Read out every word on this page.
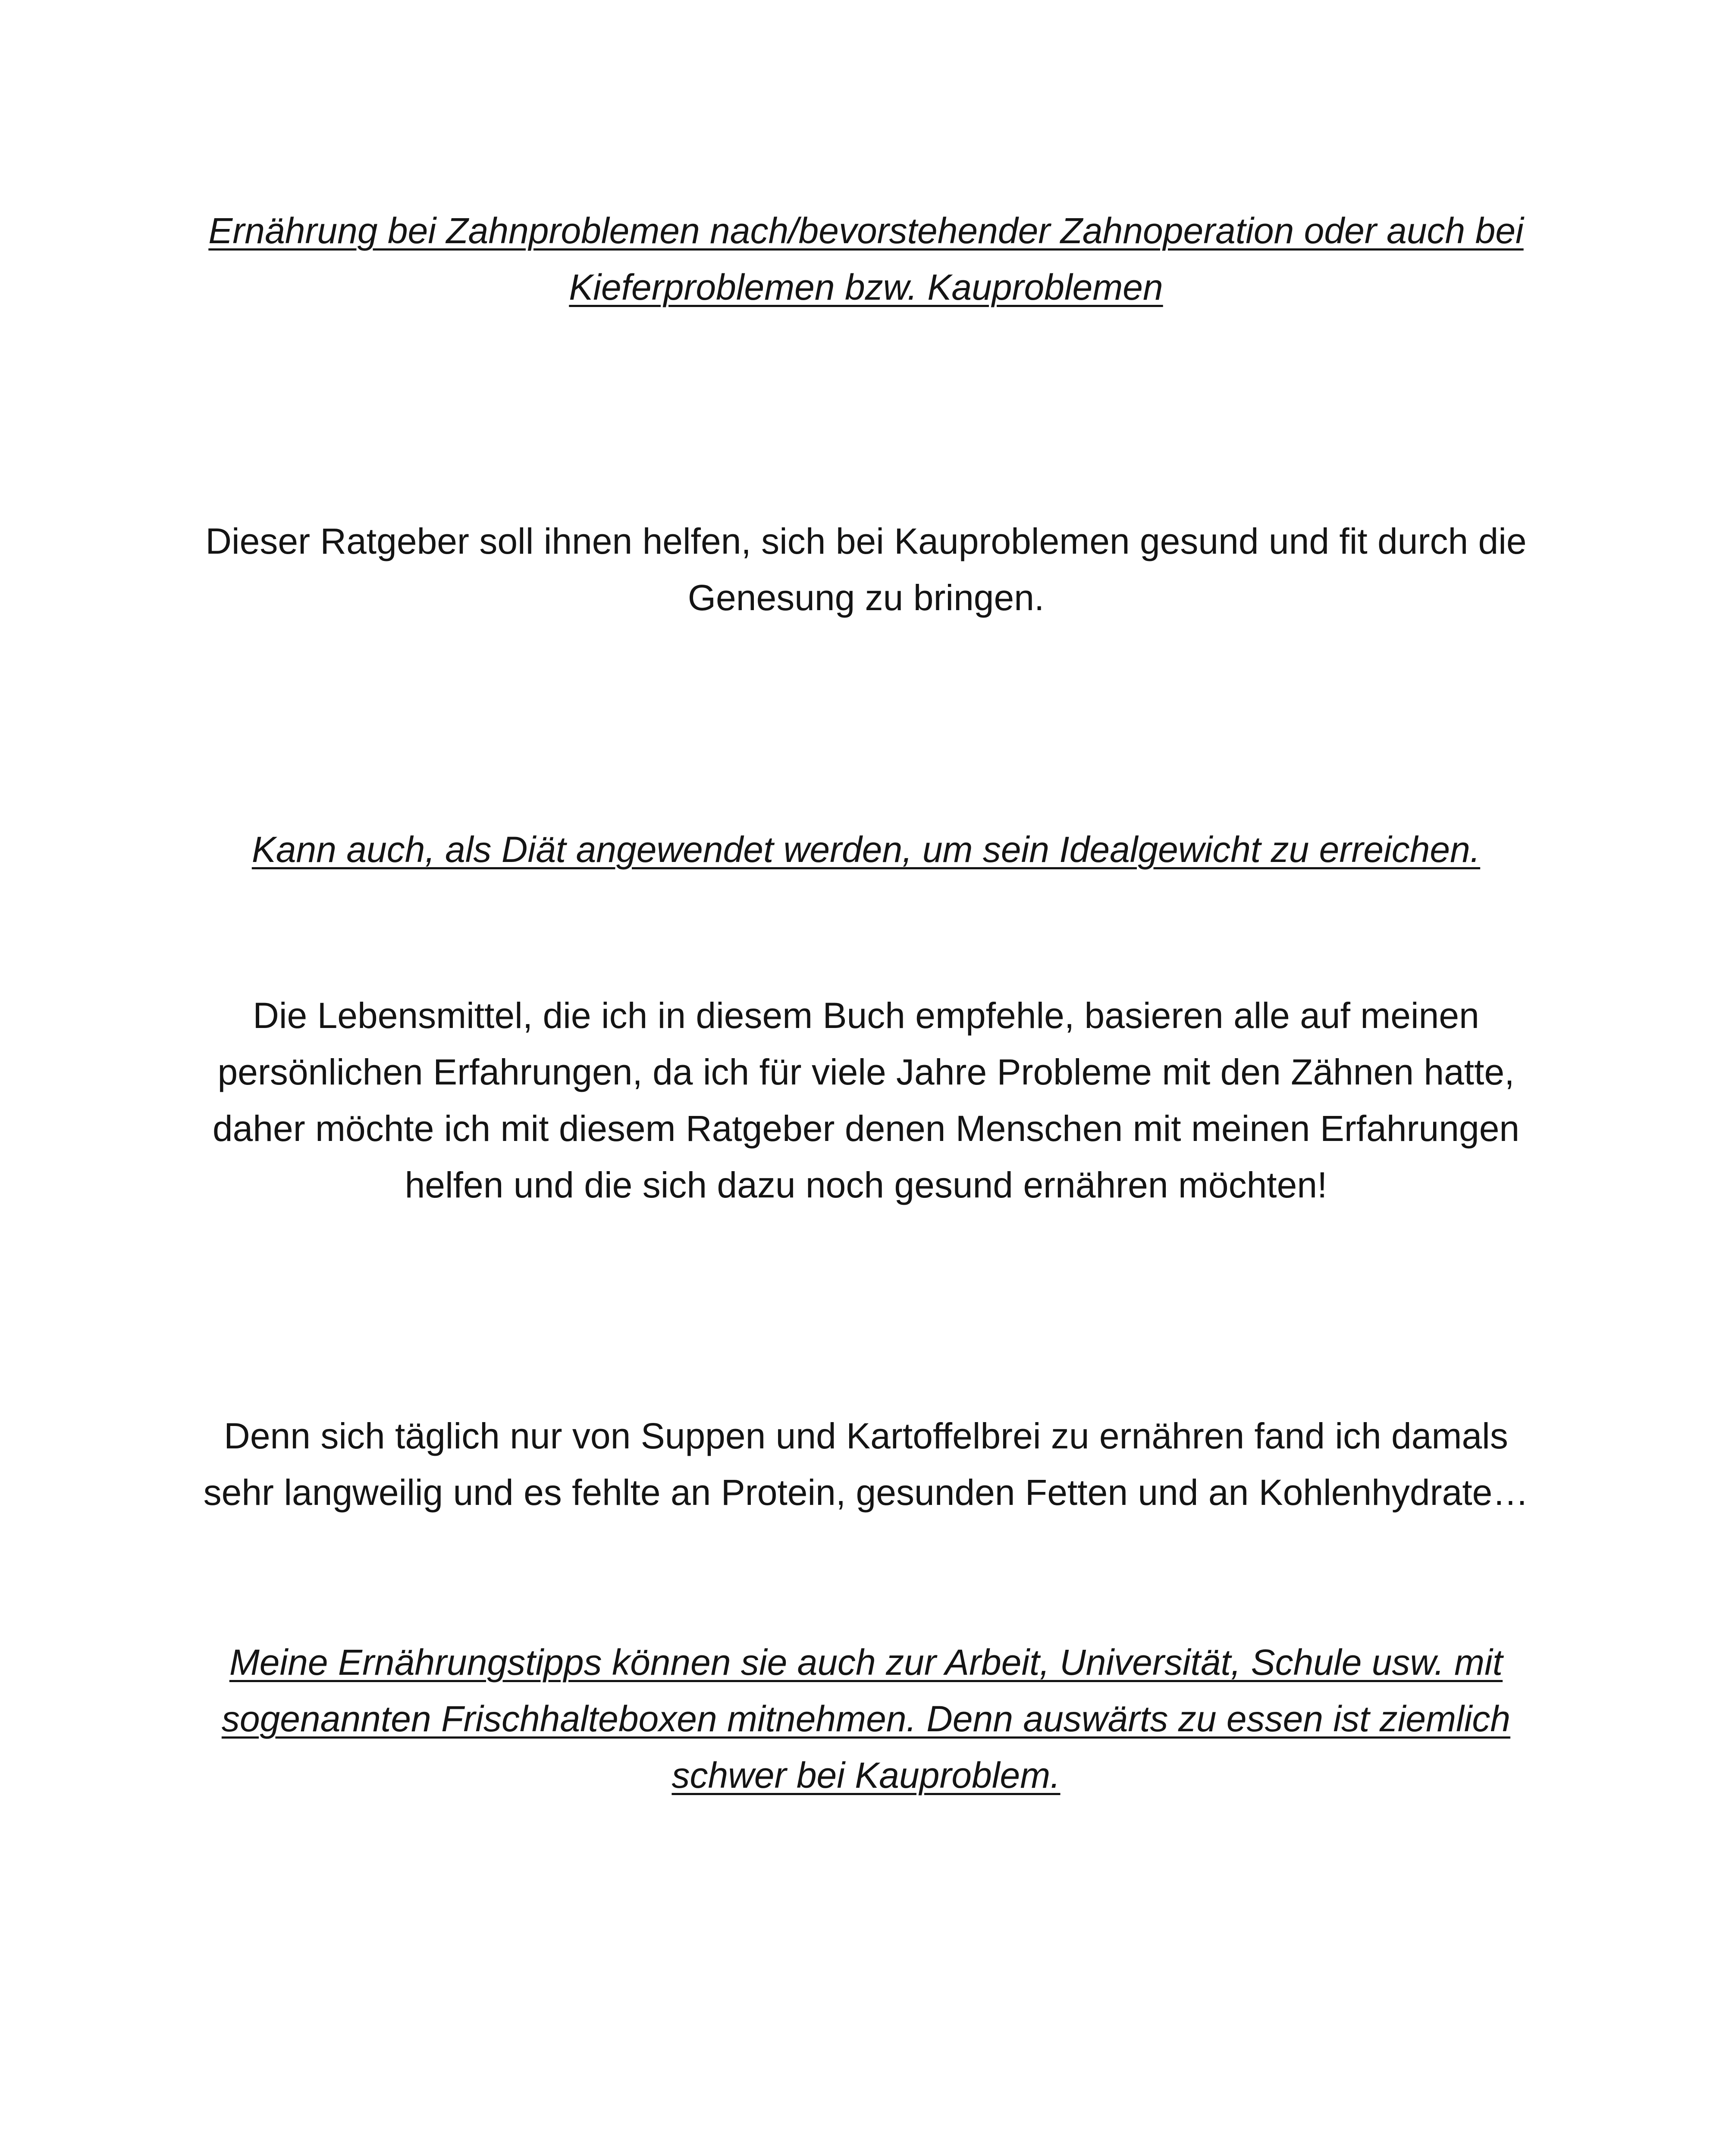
Ernährung bei Zahnproblemen nach/bevorstehender Zahnoperation oder auch bei Kieferproblemen bzw. Kauproblemen

Dieser Ratgeber soll ihnen helfen, sich bei Kauproblemen gesund und fit durch die Genesung zu bringen.

Kann auch, als Diät angewendet werden, um sein Idealgewicht zu erreichen.

Die Lebensmittel, die ich in diesem Buch empfehle, basieren alle auf meinen persönlichen Erfahrungen, da ich für viele Jahre Probleme mit den Zähnen hatte, daher möchte ich mit diesem Ratgeber denen Menschen mit meinen Erfahrungen helfen und die sich dazu noch gesund ernähren möchten!

Denn sich täglich nur von Suppen und Kartoffelbrei zu ernähren fand ich damals sehr langweilig und es fehlte an Protein, gesunden Fetten und an Kohlenhydrate…

Meine Ernährungstipps können sie auch zur Arbeit, Universität, Schule usw. mit sogenannten Frischhalteboxen mitnehmen. Denn auswärts zu essen ist ziemlich schwer bei Kauproblem.
